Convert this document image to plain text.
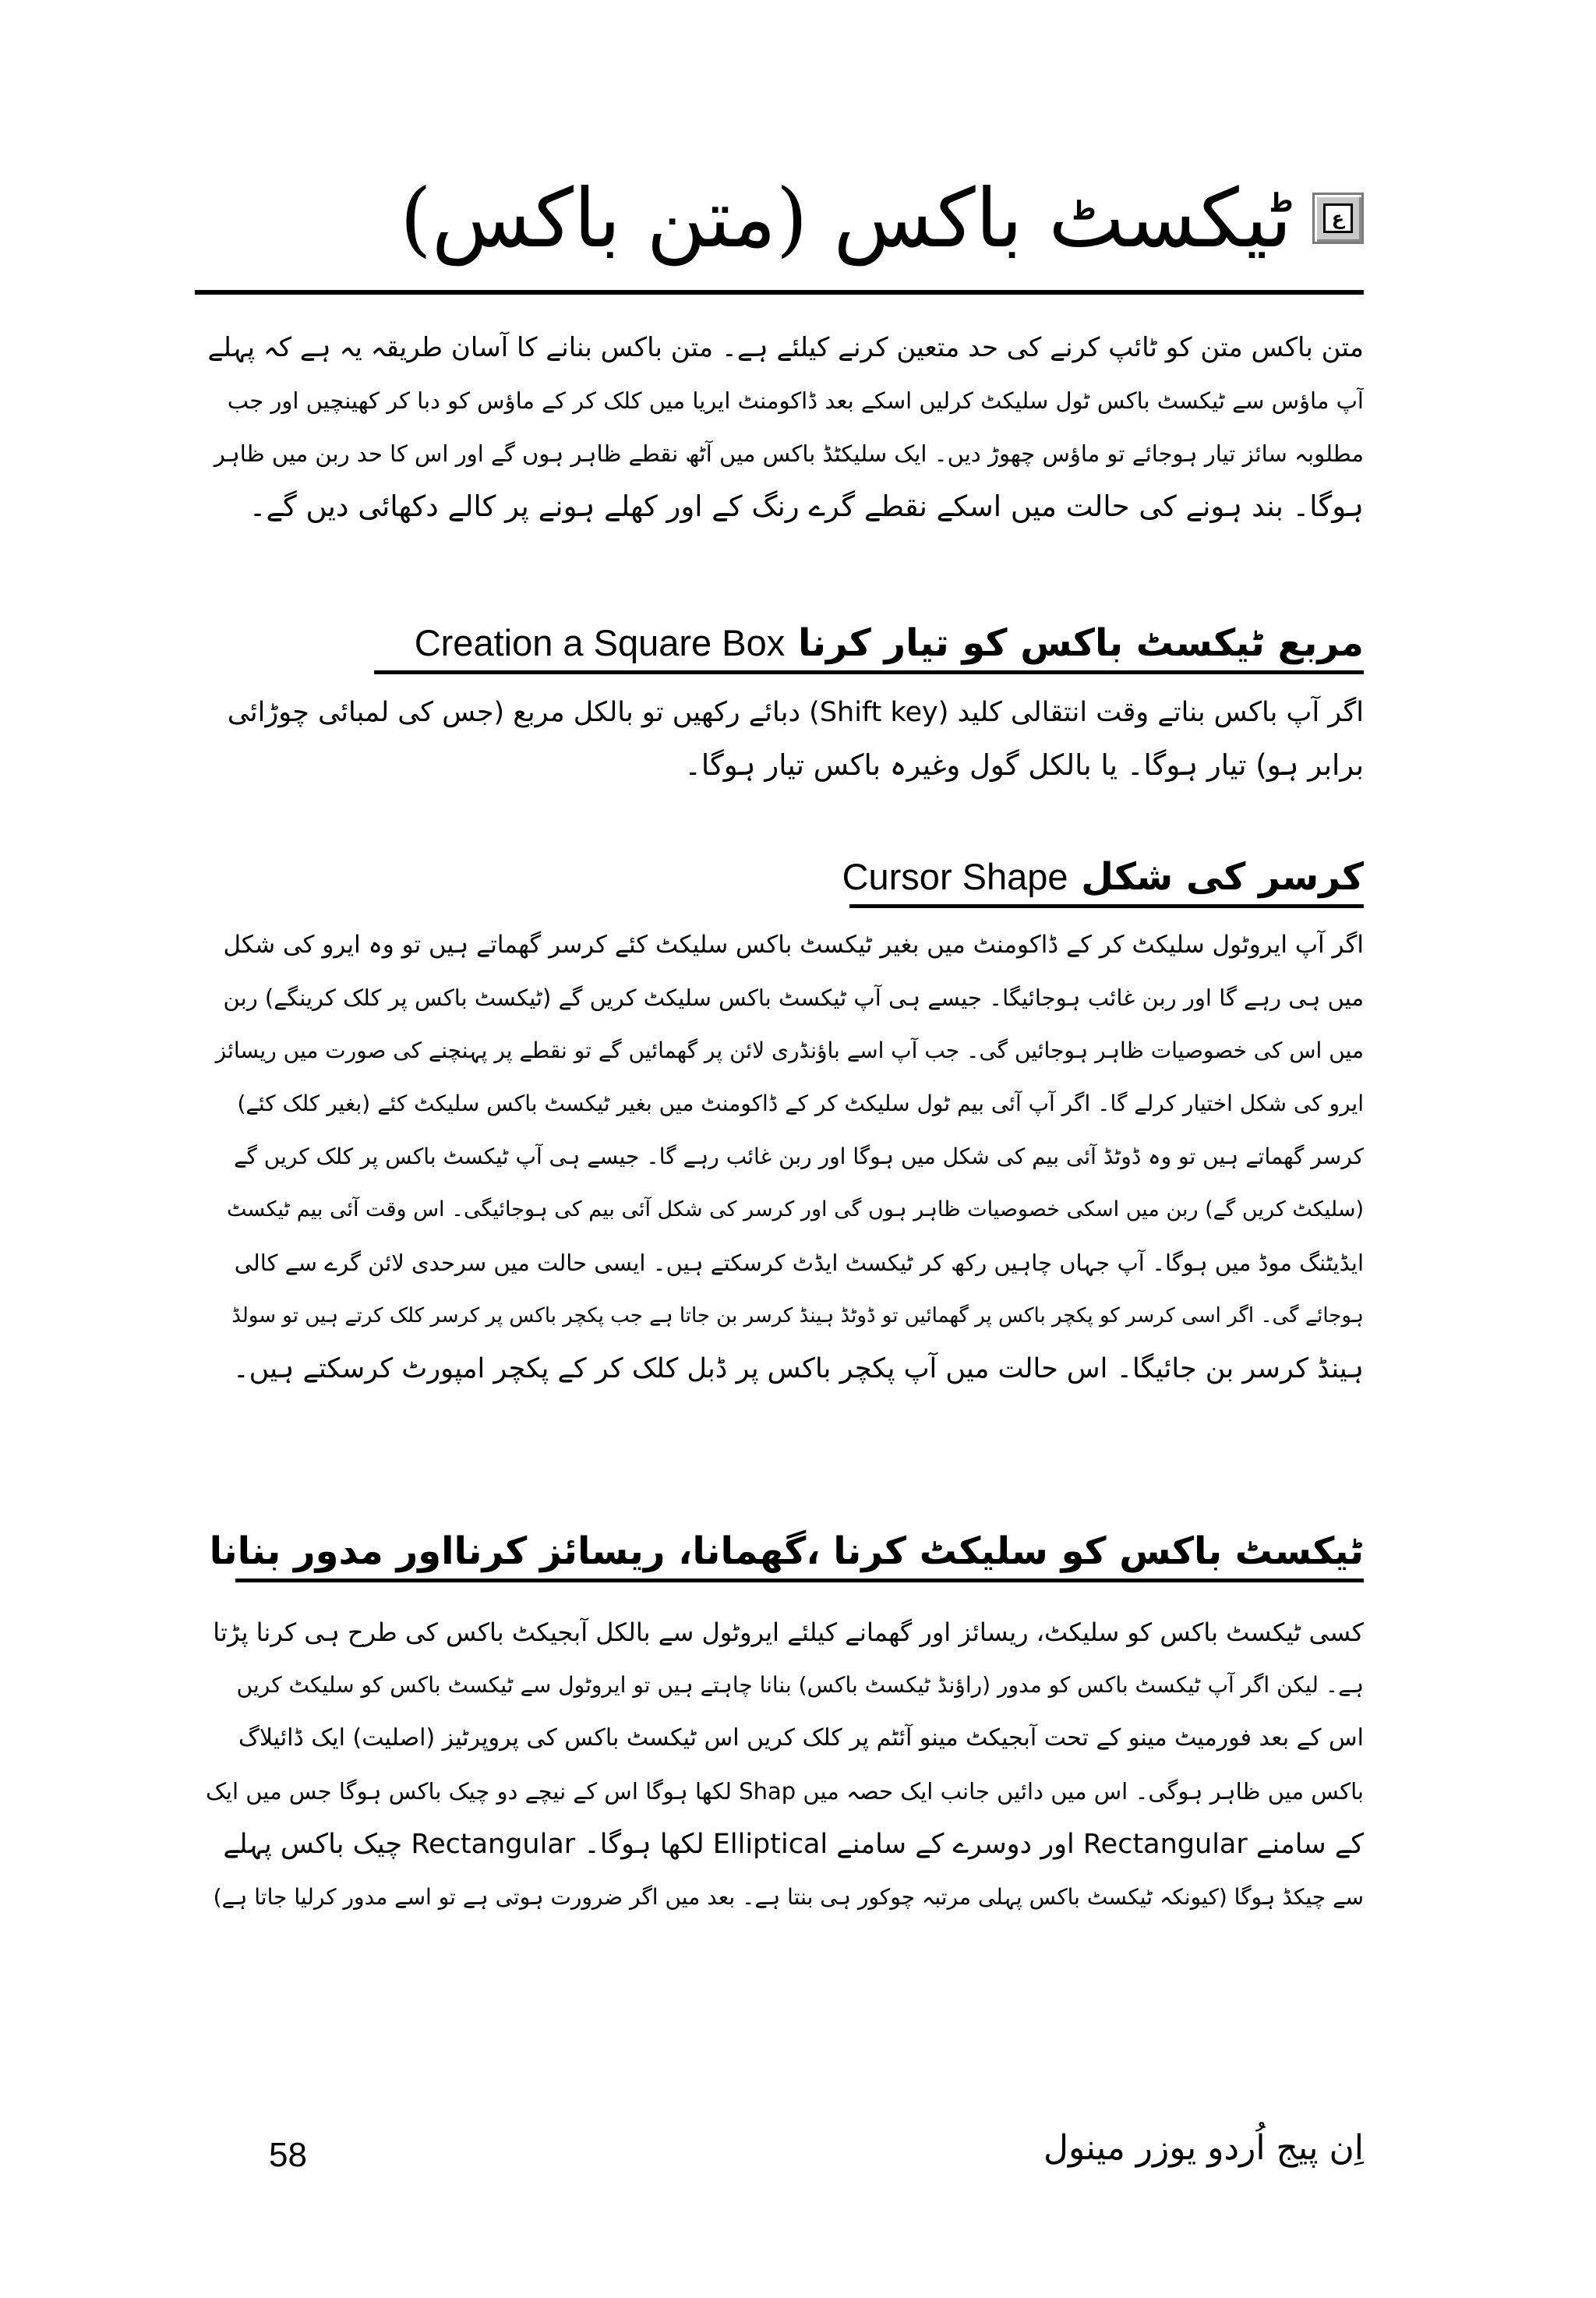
ع
ٹیکسٹ باکس (متن باکس)
متن باکس متن کو ٹائپ کرنے کی حد متعین کرنے کیلئے ہے۔ متن باکس بنانے کا آسان طریقہ یہ ہے کہ پہلے
آپ ماؤس سے ٹیکسٹ باکس ٹول سلیکٹ کرلیں اسکے بعد ڈاکومنٹ ایریا میں کلک کر کے ماؤس کو دبا کر کھینچیں اور جب
مطلوبہ سائز تیار ہوجائے تو ماؤس چھوڑ دیں۔ ایک سلیکٹڈ باکس میں آٹھ نقطے ظاہر ہوں گے اور اس کا حد ربن میں ظاہر
ہوگا۔ بند ہونے کی حالت میں اسکے نقطے گرے رنگ کے اور کھلے ہونے پر کالے دکھائی دیں گے۔
مربع ٹیکسٹ باکس کو تیار کرنا Creation a Square Box
اگر آپ باکس بناتے وقت انتقالی کلید (Shift key) دبائے رکھیں تو بالکل مربع (جس کی لمبائی چوڑائی
برابر ہو) تیار ہوگا۔ یا بالکل گول وغیرہ باکس تیار ہوگا۔
کرسر کی شکل Cursor Shape
اگر آپ ایروٹول سلیکٹ کر کے ڈاکومنٹ میں بغیر ٹیکسٹ باکس سلیکٹ کئے کرسر گھماتے ہیں تو وہ ایرو کی شکل
میں ہی رہے گا اور ربن غائب ہوجائیگا۔ جیسے ہی آپ ٹیکسٹ باکس سلیکٹ کریں گے (ٹیکسٹ باکس پر کلک کرینگے) ربن
میں اس کی خصوصیات ظاہر ہوجائیں گی۔ جب آپ اسے باؤنڈری لائن پر گھمائیں گے تو نقطے پر پہنچنے کی صورت میں ریسائز
ایرو کی شکل اختیار کرلے گا۔ اگر آپ آئی بیم ٹول سلیکٹ کر کے ڈاکومنٹ میں بغیر ٹیکسٹ باکس سلیکٹ کئے (بغیر کلک کئے)
کرسر گھماتے ہیں تو وہ ڈوٹڈ آئی بیم کی شکل میں ہوگا اور ربن غائب رہے گا۔ جیسے ہی آپ ٹیکسٹ باکس پر کلک کریں گے
(سلیکٹ کریں گے) ربن میں اسکی خصوصیات ظاہر ہوں گی اور کرسر کی شکل آئی بیم کی ہوجائیگی۔ اس وقت آئی بیم ٹیکسٹ
ایڈیٹنگ موڈ میں ہوگا۔ آپ جہاں چاہیں رکھ کر ٹیکسٹ ایڈٹ کرسکتے ہیں۔ ایسی حالت میں سرحدی لائن گرے سے کالی
ہوجائے گی۔ اگر اسی کرسر کو پکچر باکس پر گھمائیں تو ڈوٹڈ ہینڈ کرسر بن جاتا ہے جب پکچر باکس پر کرسر کلک کرتے ہیں تو سولڈ
ہینڈ کرسر بن جائیگا۔ اس حالت میں آپ پکچر باکس پر ڈبل کلک کر کے پکچر امپورٹ کرسکتے ہیں۔
ٹیکسٹ باکس کو سلیکٹ کرنا ،گھمانا، ریسائز کرنااور مدور بنانا
کسی ٹیکسٹ باکس کو سلیکٹ، ریسائز اور گھمانے کیلئے ایروٹول سے بالکل آبجیکٹ باکس کی طرح ہی کرنا پڑتا
ہے۔ لیکن اگر آپ ٹیکسٹ باکس کو مدور (راؤنڈ ٹیکسٹ باکس) بنانا چاہتے ہیں تو ایروٹول سے ٹیکسٹ باکس کو سلیکٹ کریں
اس کے بعد فورمیٹ مینو کے تحت آبجیکٹ مینو آئٹم پر کلک کریں اس ٹیکسٹ باکس کی پروپرٹیز (اصلیت) ایک ڈائیلاگ
باکس میں ظاہر ہوگی۔ اس میں دائیں جانب ایک حصہ میں Shap لکھا ہوگا اس کے نیچے دو چیک باکس ہوگا جس میں ایک
کے سامنے Rectangular اور دوسرے کے سامنے Elliptical لکھا ہوگا۔ Rectangular چیک باکس پہلے
سے چیکڈ ہوگا (کیونکہ ٹیکسٹ باکس پہلی مرتبہ چوکور ہی بنتا ہے۔ بعد میں اگر ضرورت ہوتی ہے تو اسے مدور کرلیا جاتا ہے)
58	اِن پیج اُردو یوزر مینول
